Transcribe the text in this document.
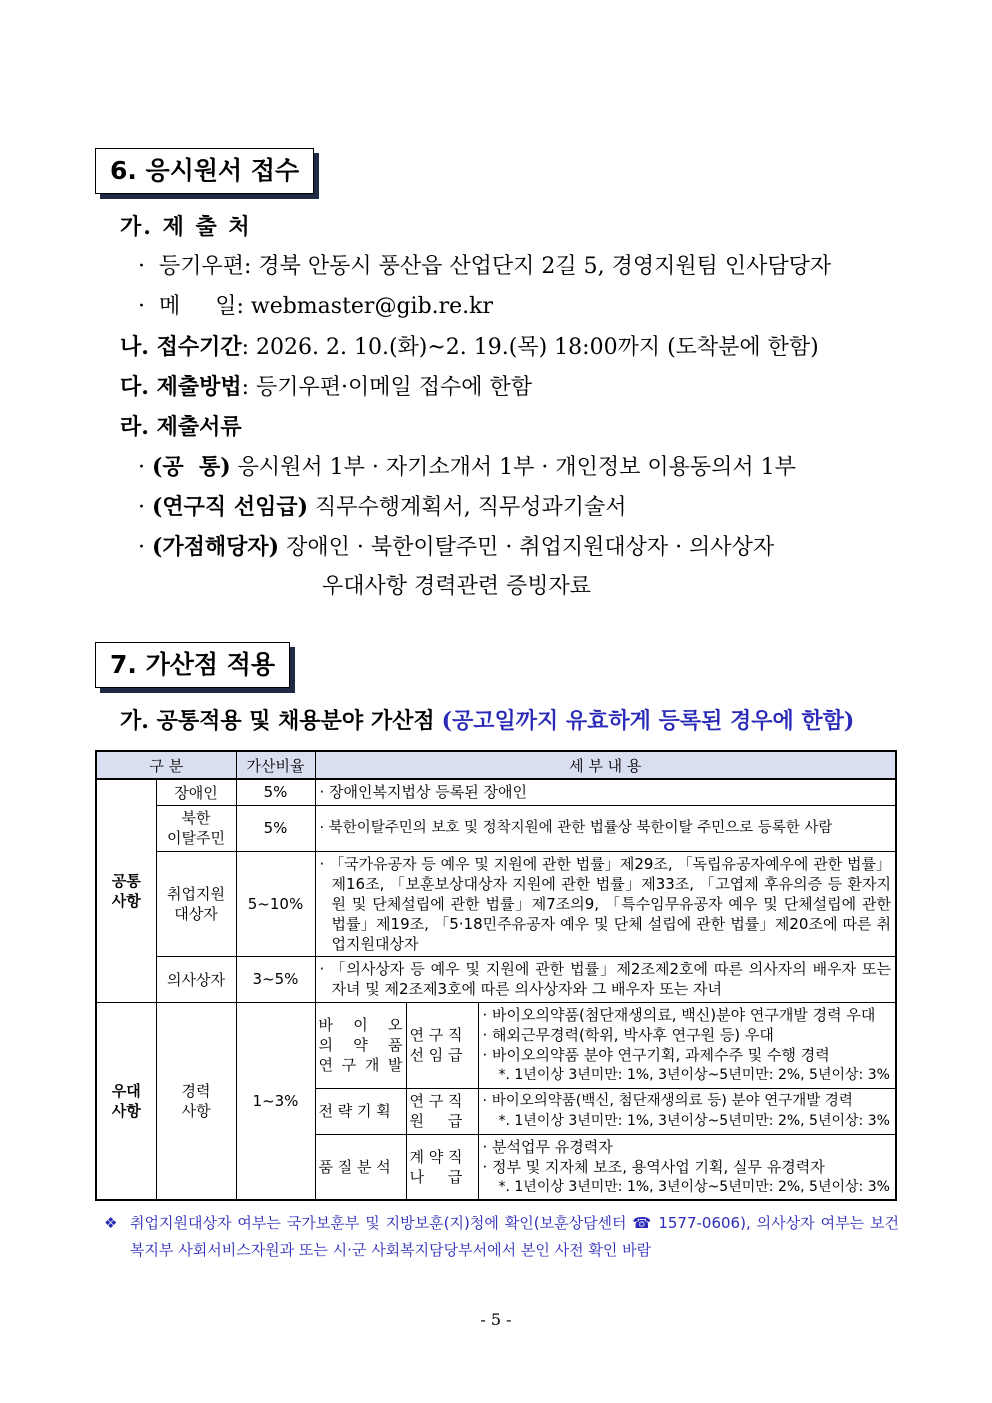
6. 응시원서 접수
가. 제 출 처
·  등기우편: 경북 안동시 풍산읍 산업단지 2길 5, 경영지원팀 인사담당자
·  메     일: webmaster@gib.re.kr
나. 접수기간: 2026. 2. 10.(화)~2. 19.(목) 18:00까지 (도착분에 한함)
다. 제출방법: 등기우편·이메일 접수에 한함
라. 제출서류
· (공  통) 응시원서 1부 · 자기소개서 1부 · 개인정보 이용동의서 1부
· (연구직 선임급) 직무수행계획서, 직무성과기술서
· (가점해당자) 장애인 · 북한이탈주민 · 취업지원대상자 · 의사상자
우대사항 경력관련 증빙자료
7. 가산점 적용
가. 공통적용 및 채용분야 가산점 (공고일까지 유효하게 등록된 경우에 한함)
구 분		가산비율	세 부 내 용		
공통
사항	장애인	5%	· 장애인복지법상 등록된 장애인		
	북한
이탈주민	5%	· 북한이탈주민의 보호 및 정착지원에 관한 법률상 북한이탈 주민으로 등록한 사람		
	취업지원
대상자	5~10%	· 「국가유공자 등 예우 및 지원에 관한 법률」제29조, 「독립유공자예우에 관한 법률」제16조, 「보훈보상대상자 지원에 관한 법률」제33조, 「고엽제 후유의증 등 환자지원 및 단체설립에 관한 법률」제7조의9, 「특수임무유공자 예우 및 단체설립에 관한 법률」제19조, 「5·18민주유공자 예우 및 단체 설립에 관한 법률」제20조에 따른 취업지원대상자		
	의사상자	3~5%	· 「의사상자 등 예우 및 지원에 관한 법률」제2조제2호에 따른 의사자의 배우자 또는 자녀 및 제2조제3호에 따른 의사상자와 그 배우자 또는 자녀		
우대
사항	경력
사항	1~3%	바 이 오
의 약 품
연 구 개 발	연 구 직
선 임 급	· 바이오의약품(첨단재생의료, 백신)분야 연구개발 경력 우대
· 해외근무경력(학위, 박사후 연구원 등) 우대
· 바이오의약품 분야 연구기획, 과제수주 및 수행 경력
*. 1년이상 3년미만: 1%, 3년이상~5년미만: 2%, 5년이상: 3%

			전 략 기 획	연 구 직
원     급	· 바이오의약품(백신, 첨단재생의료 등) 분야 연구개발 경력
*. 1년이상 3년미만: 1%, 3년이상~5년미만: 2%, 5년이상: 3%

			품 질 분 석	계 약 직
나     급	· 분석업무 유경력자
· 정부 및 지자체 보조, 용역사업 기획, 실무 유경력자
*. 1년이상 3년미만: 1%, 3년이상~5년미만: 2%, 5년이상: 3%
❖ 취업지원대상자 여부는 국가보훈부 및 지방보훈(지)청에 확인(보훈상담센터 ☎ 1577-0606), 의사상자 여부는 보건복지부 사회서비스자원과 또는 시·군 사회복지담당부서에서 본인 사전 확인 바람
- 5 -
